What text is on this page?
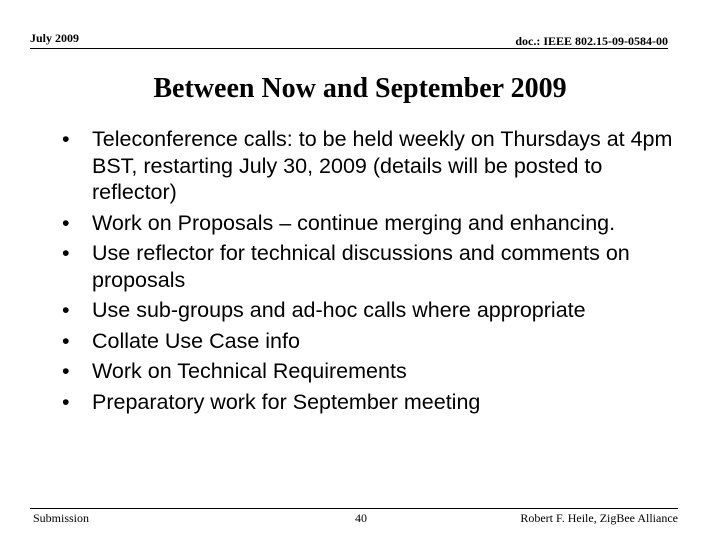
July 2009	doc.: IEEE 802.15-09-0584-00
Between Now and September 2009
• Teleconference calls: to be held weekly on Thursdays at 4pm BST, restarting July 30, 2009 (details will be posted to reflector)
• Work on Proposals – continue merging and enhancing.
• Use reflector for technical discussions and comments on proposals
• Use sub-groups and ad-hoc calls where appropriate
• Collate Use Case info
• Work on Technical Requirements
• Preparatory work for September meeting
Submission	40	Robert F. Heile, ZigBee Alliance
